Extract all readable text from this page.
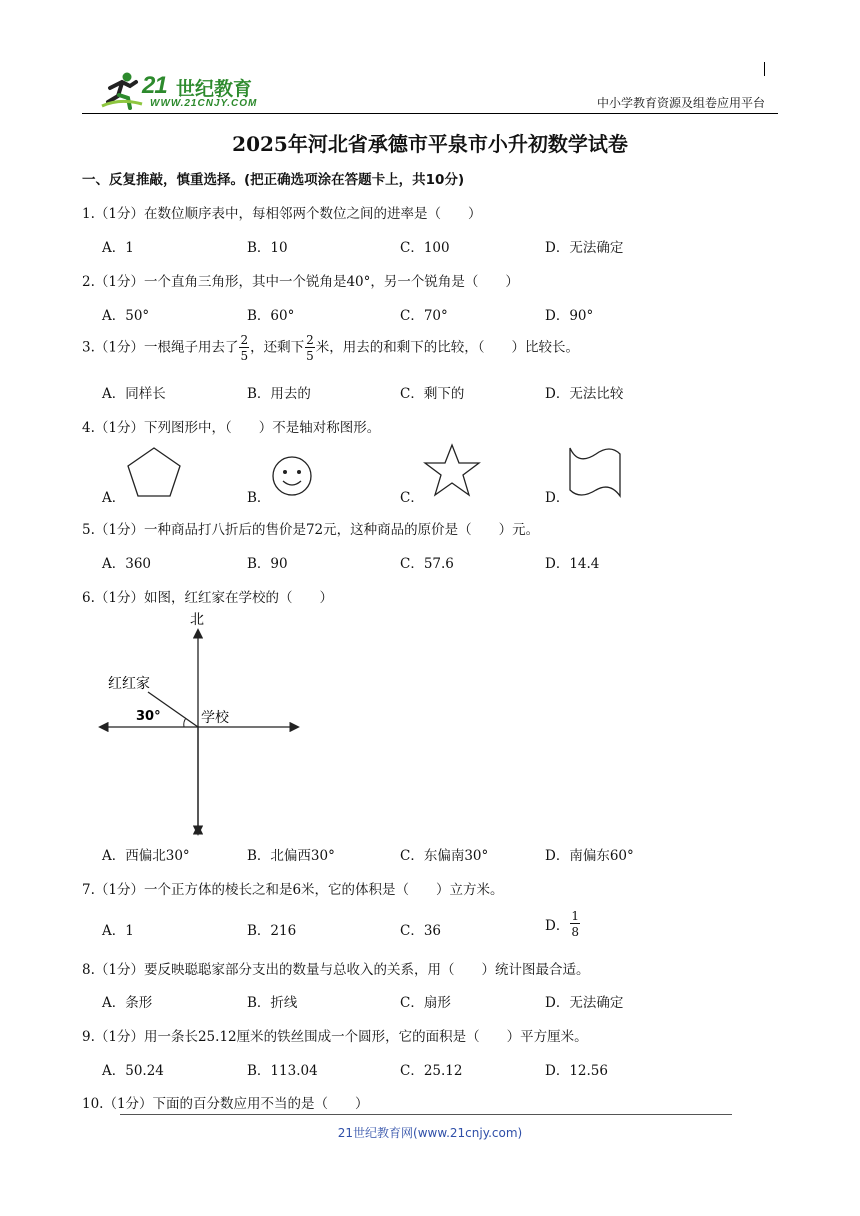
21 世纪教育
WWW.21CNJY.COM	中小学教育资源及组卷应用平台
2025年河北省承德市平泉市小升初数学试卷
一、反复推敲，慎重选择。(把正确选项涂在答题卡上，共10分)
1.（1分）在数位顺序表中，每相邻两个数位之间的进率是（　　）
A．1	B．10	C．100	D．无法确定
2.（1分）一个直角三角形，其中一个锐角是40°，另一个锐角是（　　）
A．50°	B．60°	C．70°	D．90°
3.（1分）一根绳子用去了 $\frac{2}{5}$ ，还剩下 $\frac{2}{5}$ 米，用去的和剩下的比较，（　　）比较长。
A．同样长	B．用去的	C．剩下的	D．无法比较
4.（1分）下列图形中，（　　）不是轴对称图形。
A．	B．	C．	D．
5.（1分）一种商品打八折后的售价是72元，这种商品的原价是（　　）元。
A．360	B．90	C．57.6	D．14.4
6.（1分）如图，红红家在学校的（　　）
北
红红家
30°	学校
A．西偏北30°	B．北偏西30°	C．东偏南30°	D．南偏东60°
7.（1分）一个正方体的棱长之和是6米，它的体积是（　　）立方米。
A．1	B．216	C．36	D． $\frac{1}{8}$
8.（1分）要反映聪聪家部分支出的数量与总收入的关系，用（　　）统计图最合适。
A．条形	B．折线	C．扇形	D．无法确定
9.（1分）用一条长25.12厘米的铁丝围成一个圆形，它的面积是（　　）平方厘米。
A．50.24	B．113.04	C．25.12	D．12.56
10.（1分）下面的百分数应用不当的是（　　）
21世纪教育网(www.21cnjy.com)
